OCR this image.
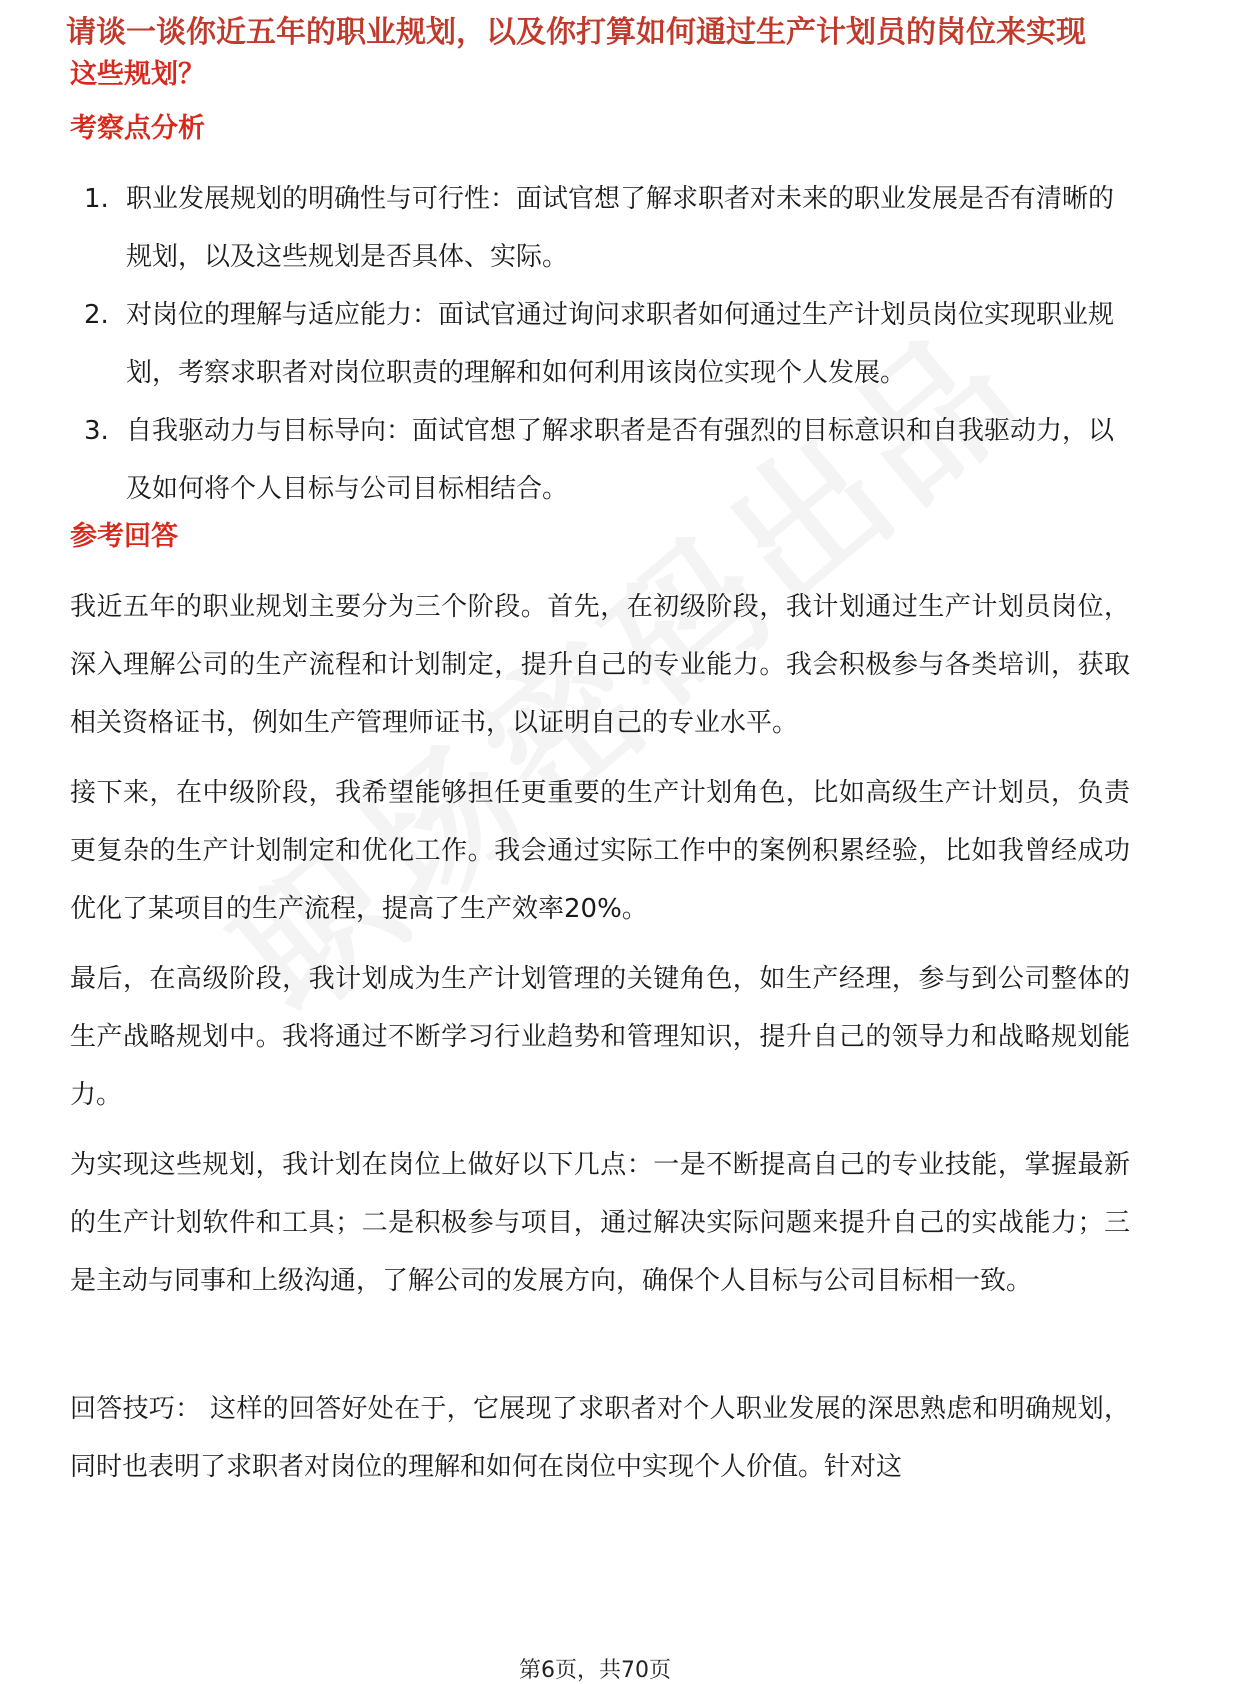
请谈一谈你近五年的职业规划，以及你打算如何通过生产计划员的岗位来实现
这些规划？
考察点分析
1. 职业发展规划的明确性与可行性：面试官想了解求职者对未来的职业发展是否有清晰的规划，以及这些规划是否具体、实际。
2. 对岗位的理解与适应能力：面试官通过询问求职者如何通过生产计划员岗位实现职业规划，考察求职者对岗位职责的理解和如何利用该岗位实现个人发展。
3. 自我驱动力与目标导向：面试官想了解求职者是否有强烈的目标意识和自我驱动力，以及如何将个人目标与公司目标相结合。
参考回答

我近五年的职业规划主要分为三个阶段。首先，在初级阶段，我计划通过生产计划员岗位，深入理解公司的生产流程和计划制定，提升自己的专业能力。我会积极参与各类培训，获取相关资格证书，例如生产管理师证书，以证明自己的专业水平。

接下来，在中级阶段，我希望能够担任更重要的生产计划角色，比如高级生产计划员，负责更复杂的生产计划制定和优化工作。我会通过实际工作中的案例积累经验，比如我曾经成功优化了某项目的生产流程，提高了生产效率20%。

最后，在高级阶段，我计划成为生产计划管理的关键角色，如生产经理，参与到公司整体的生产战略规划中。我将通过不断学习行业趋势和管理知识，提升自己的领导力和战略规划能力。

为实现这些规划，我计划在岗位上做好以下几点：一是不断提高自己的专业技能，掌握最新的生产计划软件和工具；二是积极参与项目，通过解决实际问题来提升自己的实战能力；三是主动与同事和上级沟通，了解公司的发展方向，确保个人目标与公司目标相一致。

回答技巧： 这样的回答好处在于，它展现了求职者对个人职业发展的深思熟虑和明确规划，同时也表明了求职者对岗位的理解和如何在岗位中实现个人价值。针对这

第6页，共70页
